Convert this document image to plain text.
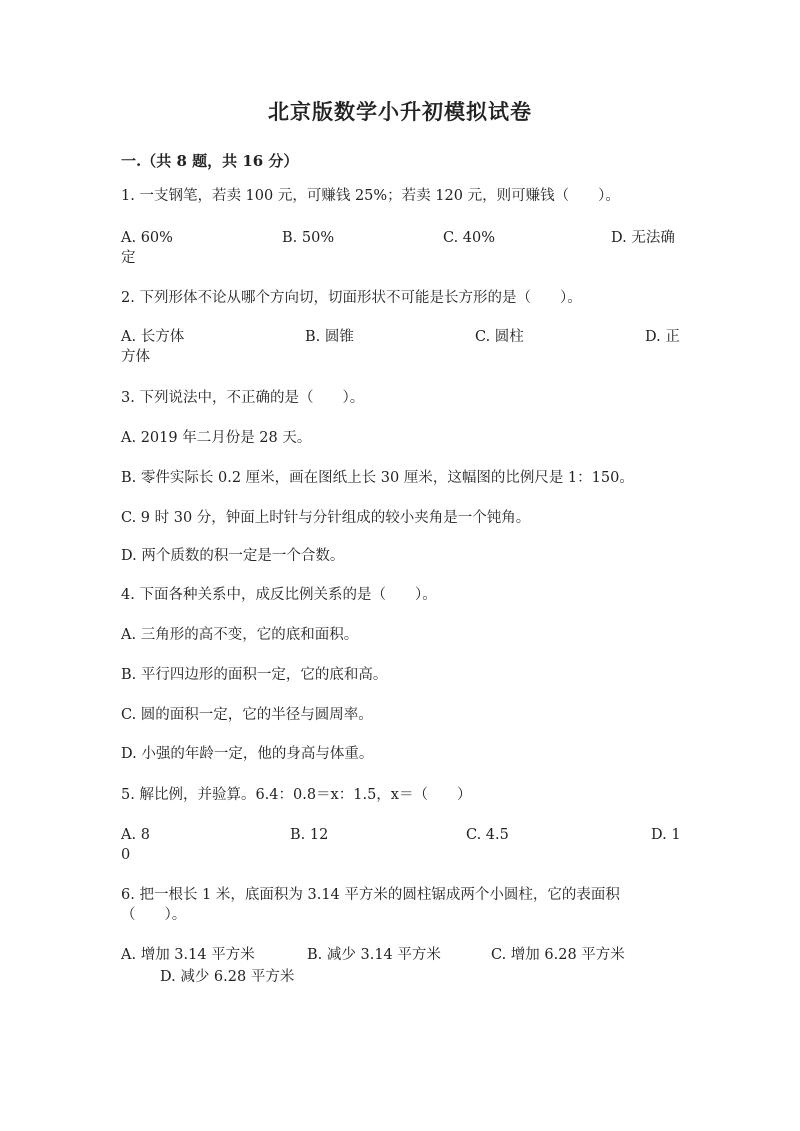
北京版数学小升初模拟试卷
一.（共 8 题，共 16 分）
1. 一支钢笔，若卖 100 元，可赚钱 25%；若卖 120 元，则可赚钱（　　）。
A. 60%	B. 50%	C. 40%	D. 无法确
定
2. 下列形体不论从哪个方向切，切面形状不可能是长方形的是（　　）。
A. 长方体	B. 圆锥	C. 圆柱	D. 正
方体
3. 下列说法中，不正确的是（　　）。
A. 2019 年二月份是 28 天。
B. 零件实际长 0.2 厘米，画在图纸上长 30 厘米，这幅图的比例尺是 1：150。
C. 9 时 30 分，钟面上时针与分针组成的较小夹角是一个钝角。
D. 两个质数的积一定是一个合数。
4. 下面各种关系中，成反比例关系的是（　　）。
A. 三角形的高不变，它的底和面积。
B. 平行四边形的面积一定，它的底和高。
C. 圆的面积一定，它的半径与圆周率。
D. 小强的年龄一定，他的身高与体重。
5. 解比例，并验算。6.4：0.8＝x：1.5，x＝（　　）
A. 8	B. 12	C. 4.5	D. 1
0
6. 把一根长 1 米，底面积为 3.14 平方米的圆柱锯成两个小圆柱，它的表面积
（　　）。
A. 增加 3.14 平方米	B. 减少 3.14 平方米	C. 增加 6.28 平方米
D. 减少 6.28 平方米
